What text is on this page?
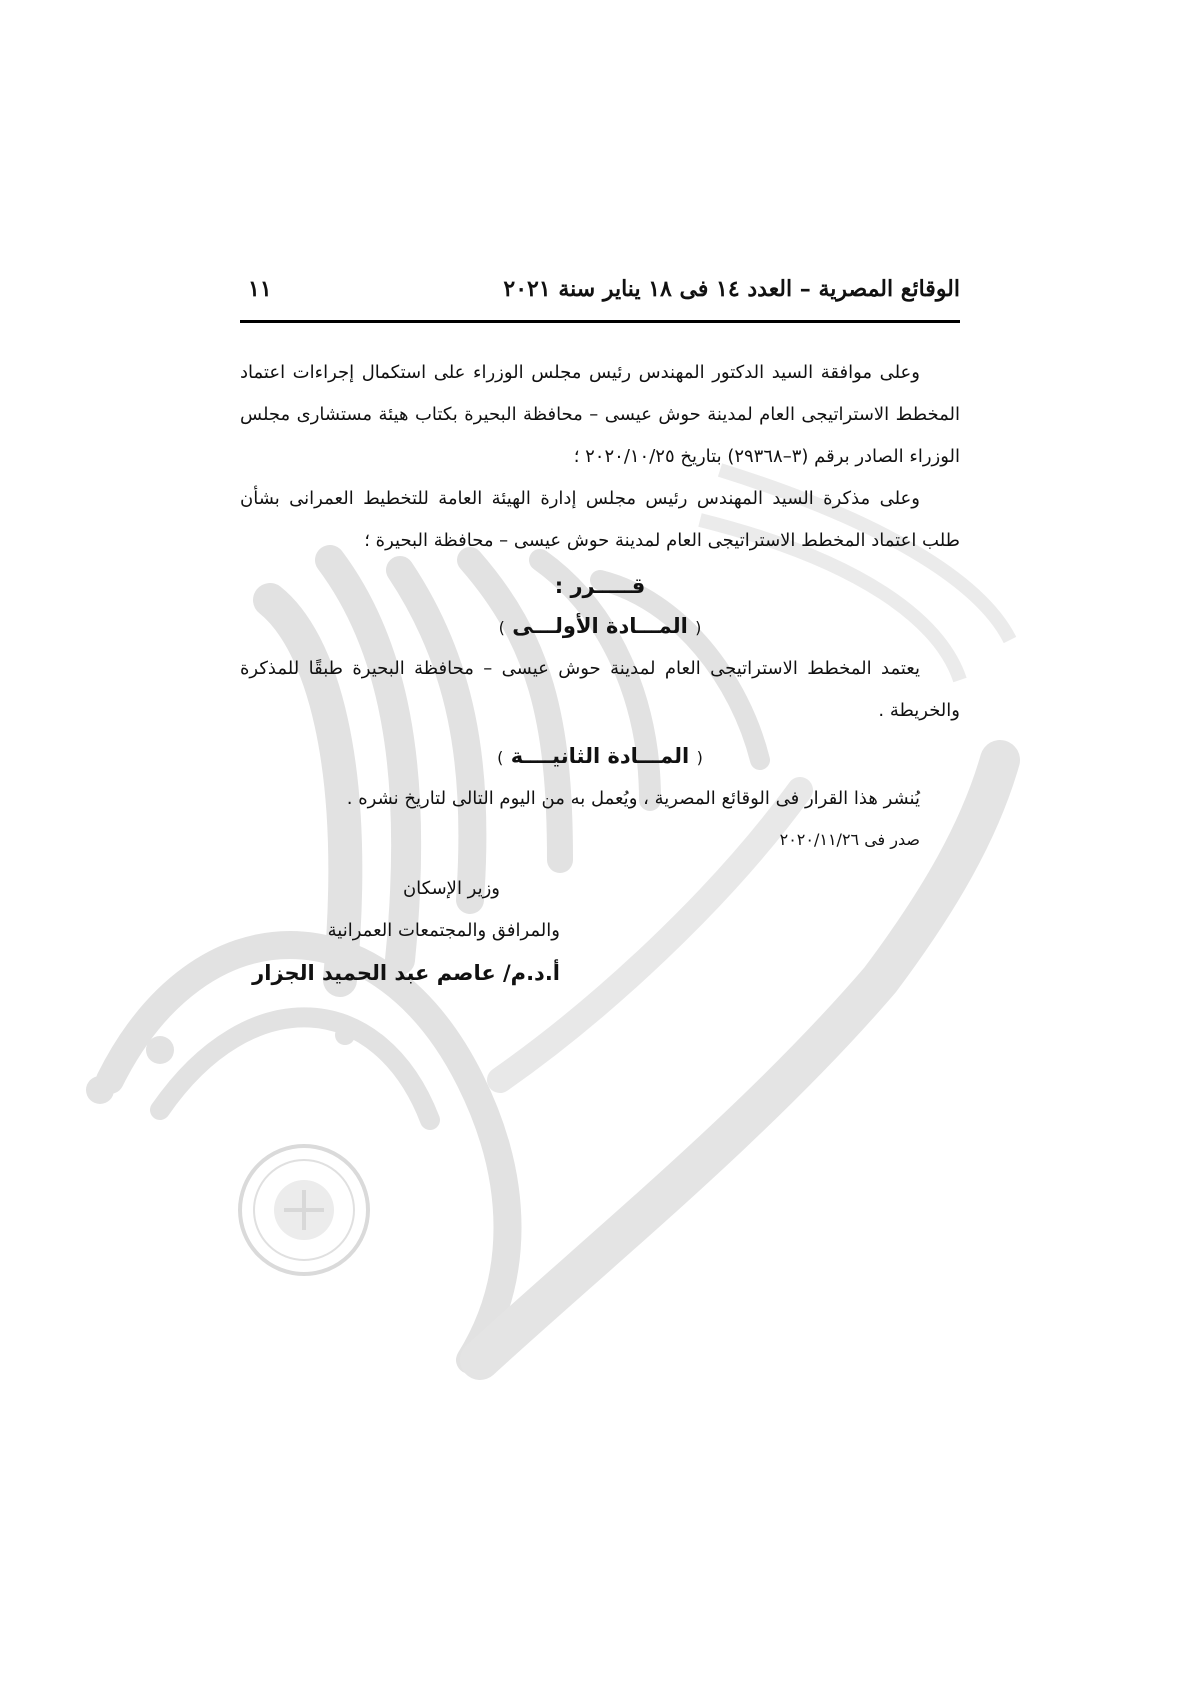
الوقائع المصرية – العدد ١٤ فى ١٨ يناير سنة ٢٠٢١
١١

وعلى موافقة السيد الدكتور المهندس رئيس مجلس الوزراء على استكمال إجراءات اعتماد المخطط الاستراتيجى العام لمدينة حوش عيسى – محافظة البحيرة بكتاب هيئة مستشارى مجلس الوزراء الصادر برقم (٣–٢٩٣٦٨) بتاريخ ٢٠٢٠/١٠/٢٥ ؛

وعلى مذكرة السيد المهندس رئيس مجلس إدارة الهيئة العامة للتخطيط العمرانى بشأن طلب اعتماد المخطط الاستراتيجى العام لمدينة حوش عيسى – محافظة البحيرة ؛

قـــــرر :

( المـــادة الأولـــى )

يعتمد المخطط الاستراتيجى العام لمدينة حوش عيسى – محافظة البحيرة طبقًا للمذكرة والخريطة .

( المـــادة الثانيــــة )

يُنشر هذا القرار فى الوقائع المصرية ، ويُعمل به من اليوم التالى لتاريخ نشره .

صدر فى ٢٠٢٠/١١/٢٦

وزير الإسكان

والمرافق والمجتمعات العمرانية

أ.د.م/ عاصم عبد الحميد الجزار
